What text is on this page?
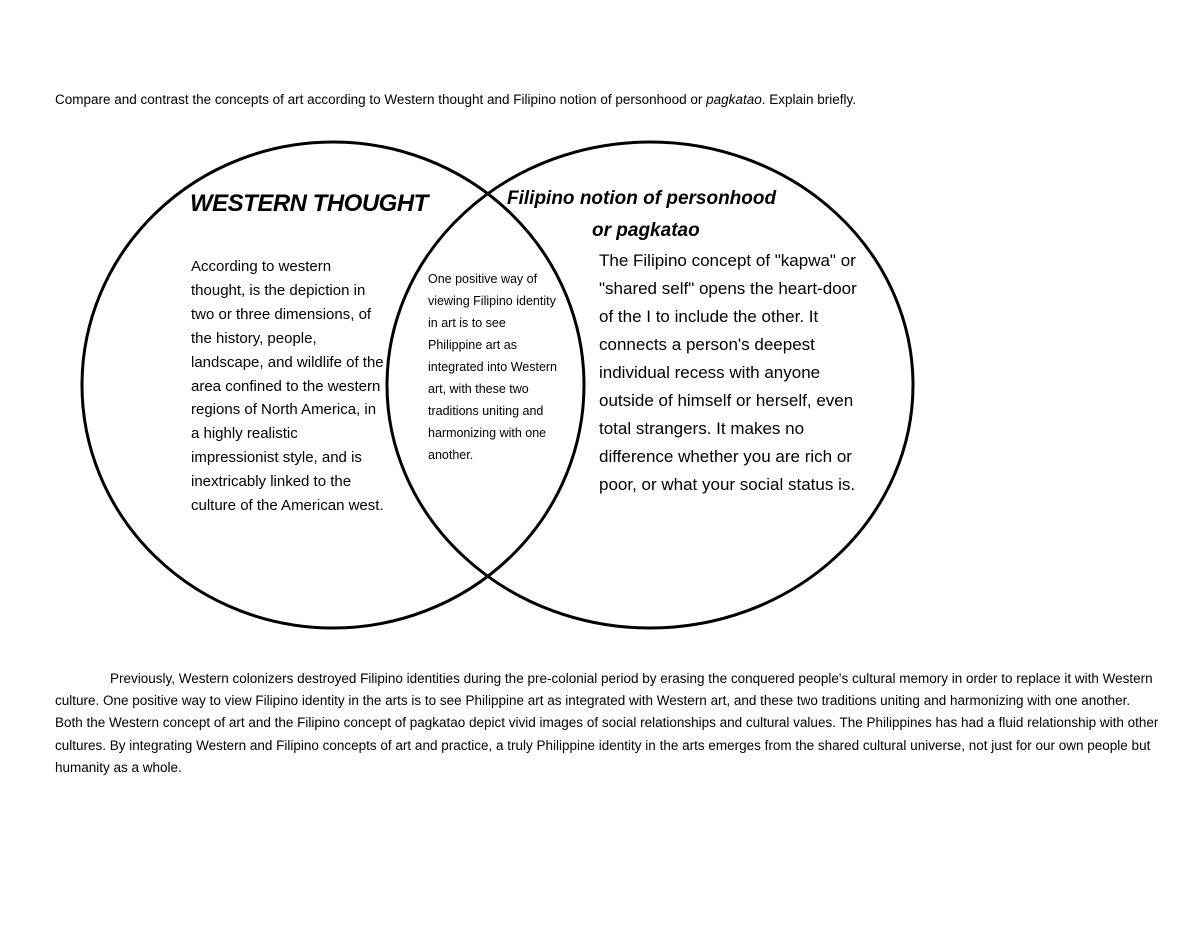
Compare and contrast the concepts of art according to Western thought and Filipino notion of personhood or pagkatao. Explain briefly.
WESTERN THOUGHT
According to western thought, is the depiction in two or three dimensions, of the history, people, landscape, and wildlife of the area confined to the western regions of North America, in a highly realistic impressionist style, and is inextricably linked to the culture of the American west.
One positive way of viewing Filipino identity in art is to see Philippine art as integrated into Western art, with these two traditions uniting and harmonizing with one another.
Filipino notion of personhood
or pagkatao
The Filipino concept of "kapwa" or "shared self" opens the heart-door of the I to include the other. It connects a person's deepest individual recess with anyone outside of himself or herself, even total strangers. It makes no difference whether you are rich or poor, or what your social status is.
Previously, Western colonizers destroyed Filipino identities during the pre-colonial period by erasing the conquered people's cultural memory in order to replace it with Western culture. One positive way to view Filipino identity in the arts is to see Philippine art as integrated with Western art, and these two traditions uniting and harmonizing with one another. Both the Western concept of art and the Filipino concept of pagkatao depict vivid images of social relationships and cultural values. The Philippines has had a fluid relationship with other cultures. By integrating Western and Filipino concepts of art and practice, a truly Philippine identity in the arts emerges from the shared cultural universe, not just for our own people but humanity as a whole.
